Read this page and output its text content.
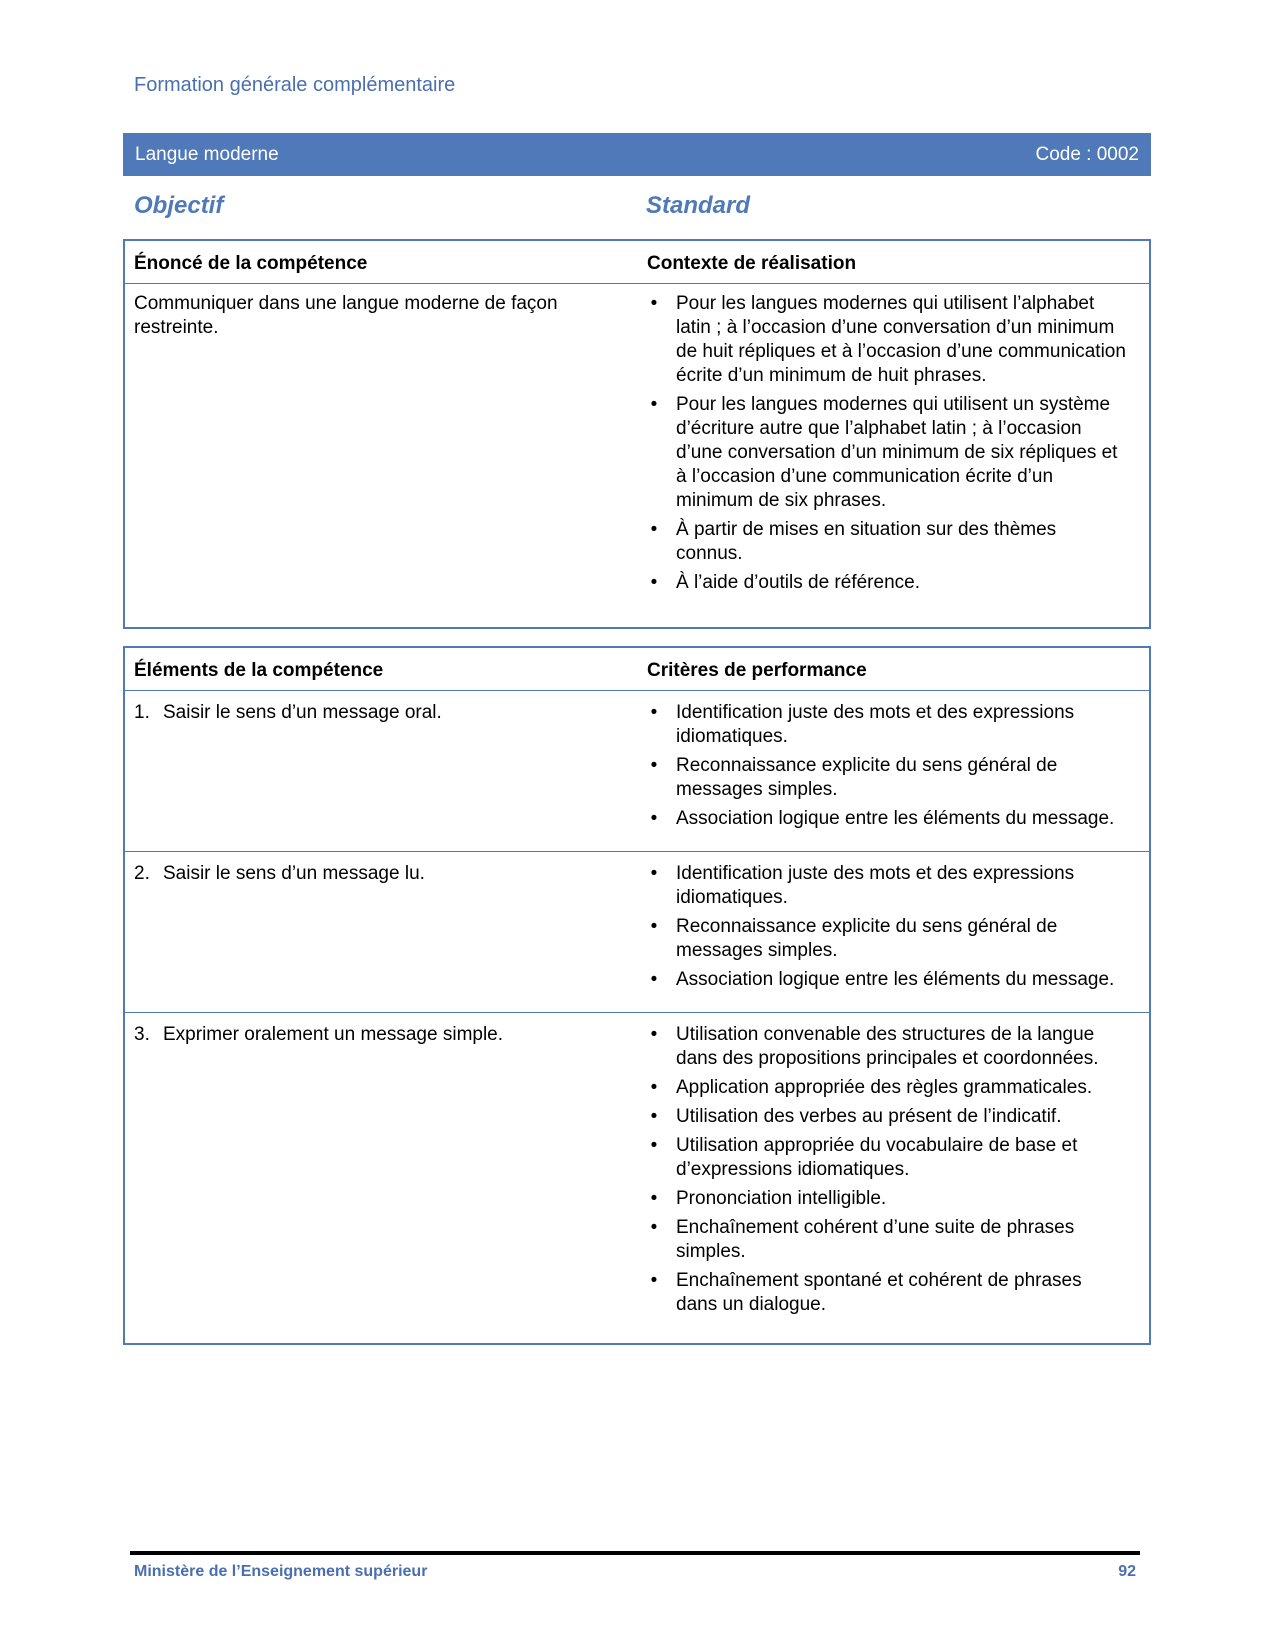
Formation générale complémentaire
Langue moderne	Code : 0002
Objectif	Standard
Énoncé de la compétence	Contexte de réalisation
Communiquer dans une langue moderne de façon restreinte.
• Pour les langues modernes qui utilisent l’alphabet latin ; à l’occasion d’une conversation d’un minimum de huit répliques et à l’occasion d’une communication écrite d’un minimum de huit phrases.
• Pour les langues modernes qui utilisent un système d’écriture autre que l’alphabet latin ; à l’occasion d’une conversation d’un minimum de six répliques et à l’occasion d’une communication écrite d’un minimum de six phrases.
• À partir de mises en situation sur des thèmes connus.
• À l’aide d’outils de référence.
Éléments de la compétence	Critères de performance
1. Saisir le sens d’un message oral.	• Identification juste des mots et des expressions idiomatiques.
• Reconnaissance explicite du sens général de messages simples.
• Association logique entre les éléments du message.
2. Saisir le sens d’un message lu.	• Identification juste des mots et des expressions idiomatiques.
• Reconnaissance explicite du sens général de messages simples.
• Association logique entre les éléments du message.
3. Exprimer oralement un message simple.	• Utilisation convenable des structures de la langue dans des propositions principales et coordonnées.
• Application appropriée des règles grammaticales.
• Utilisation des verbes au présent de l’indicatif.
• Utilisation appropriée du vocabulaire de base et d’expressions idiomatiques.
• Prononciation intelligible.
• Enchaînement cohérent d’une suite de phrases simples.
• Enchaînement spontané et cohérent de phrases dans un dialogue.
Ministère de l’Enseignement supérieur	92
